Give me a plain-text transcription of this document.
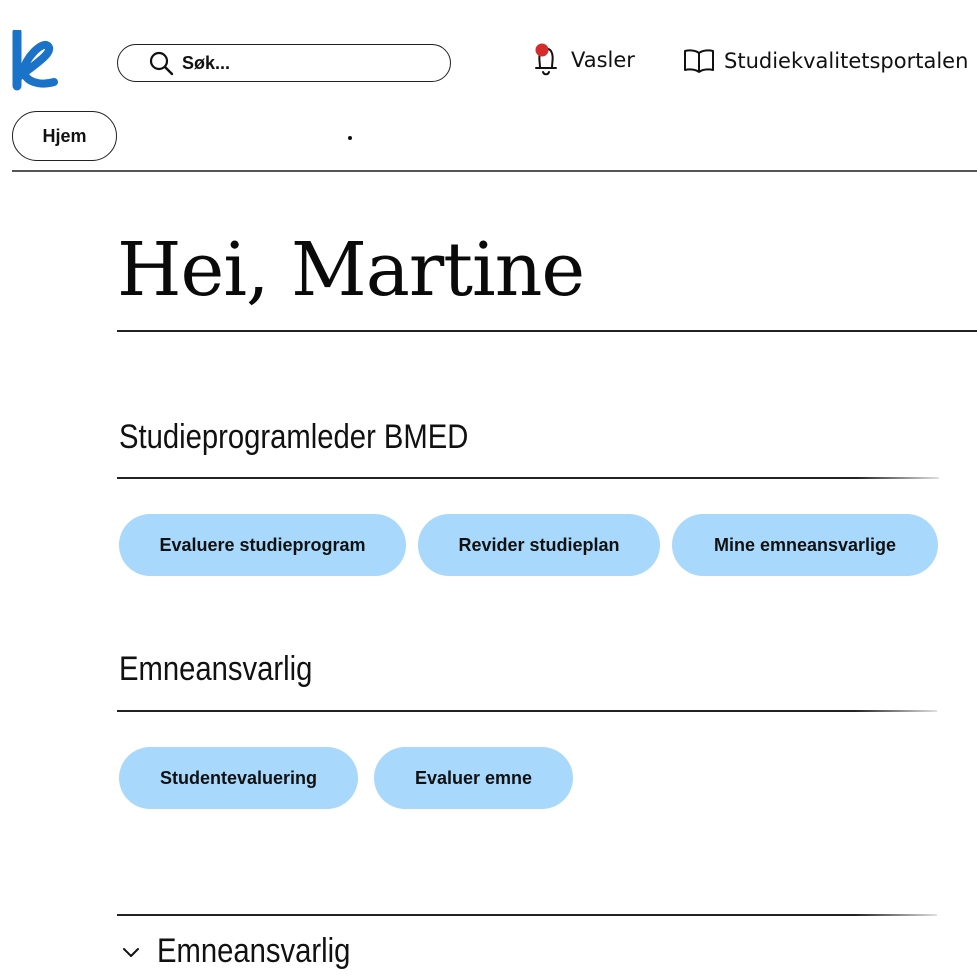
Søk...	Vasler	Studiekvalitetsportalen
Hjem
Hei, Martine
Studieprogramleder BMED
Evaluere studieprogram	Revider studieplan	Mine emneansvarlige
Emneansvarlig
Studentevaluering	Evaluer emne
Emneansvarlig
